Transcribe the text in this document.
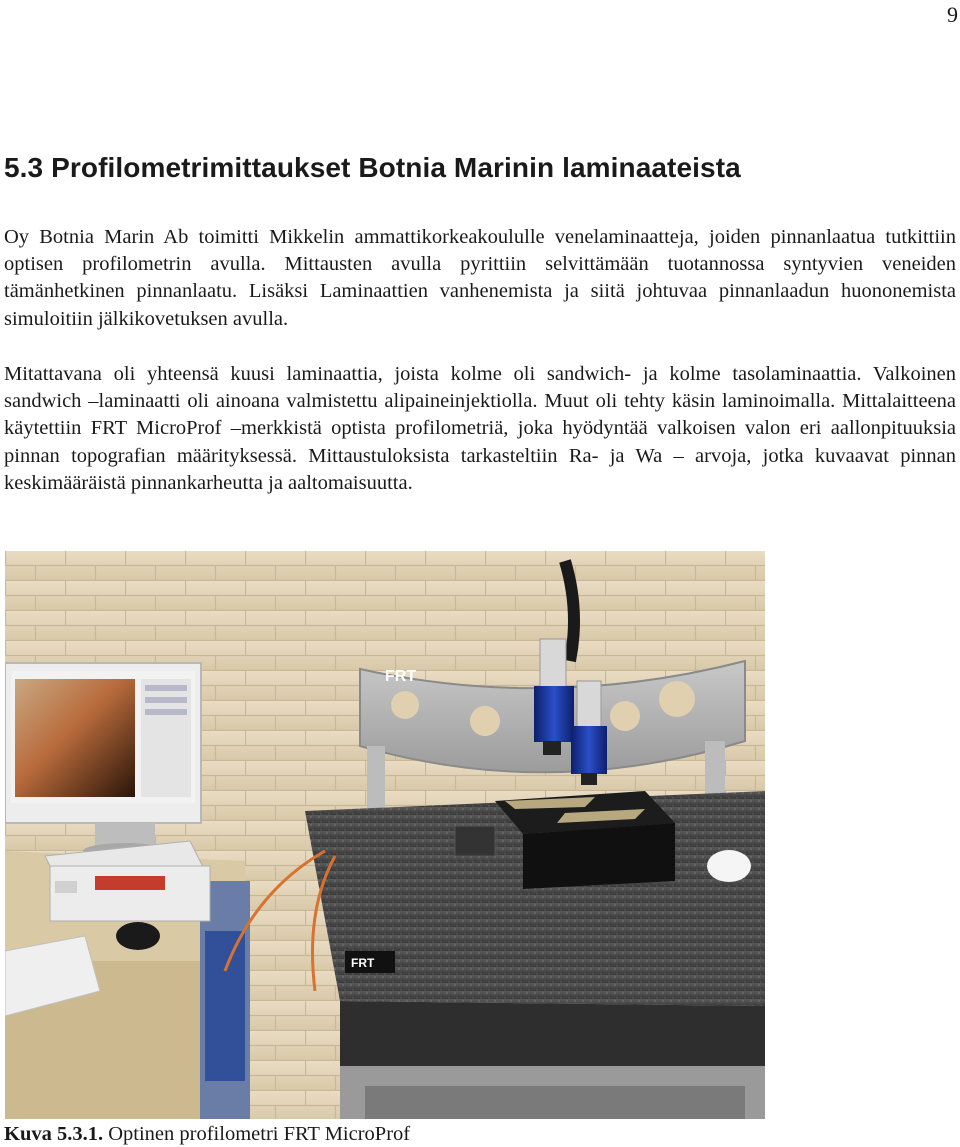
9
5.3 Profilometrimittaukset Botnia Marinin laminaateista

Oy Botnia Marin Ab toimitti Mikkelin ammattikorkeakoululle venelaminaatteja, joiden pinnanlaatua tutkittiin optisen profilometrin avulla. Mittausten avulla pyrittiin selvittämään tuotannossa syntyvien veneiden tämänhetkinen pinnanlaatu. Lisäksi Laminaattien vanhenemista ja siitä johtuvaa pinnanlaadun huononemista simuloitiin jälkikovetuksen avulla.

Mitattavana oli yhteensä kuusi laminaattia, joista kolme oli sandwich- ja kolme tasolaminaattia. Valkoinen sandwich –laminaatti oli ainoana valmistettu alipaineinjektiolla. Muut oli tehty käsin laminoimalla. Mittalaitteena käytettiin FRT MicroProf –merkkistä optista profilometriä, joka hyödyntää valkoisen valon eri aallonpituuksia pinnan topografian määrityksessä. Mittaustuloksista tarkasteltiin Ra- ja Wa – arvoja, jotka kuvaavat pinnan keskimääräistä pinnankarheutta ja aaltomaisuutta.

FRT
FRT
Kuva 5.3.1. Optinen profilometri FRT MicroProf
